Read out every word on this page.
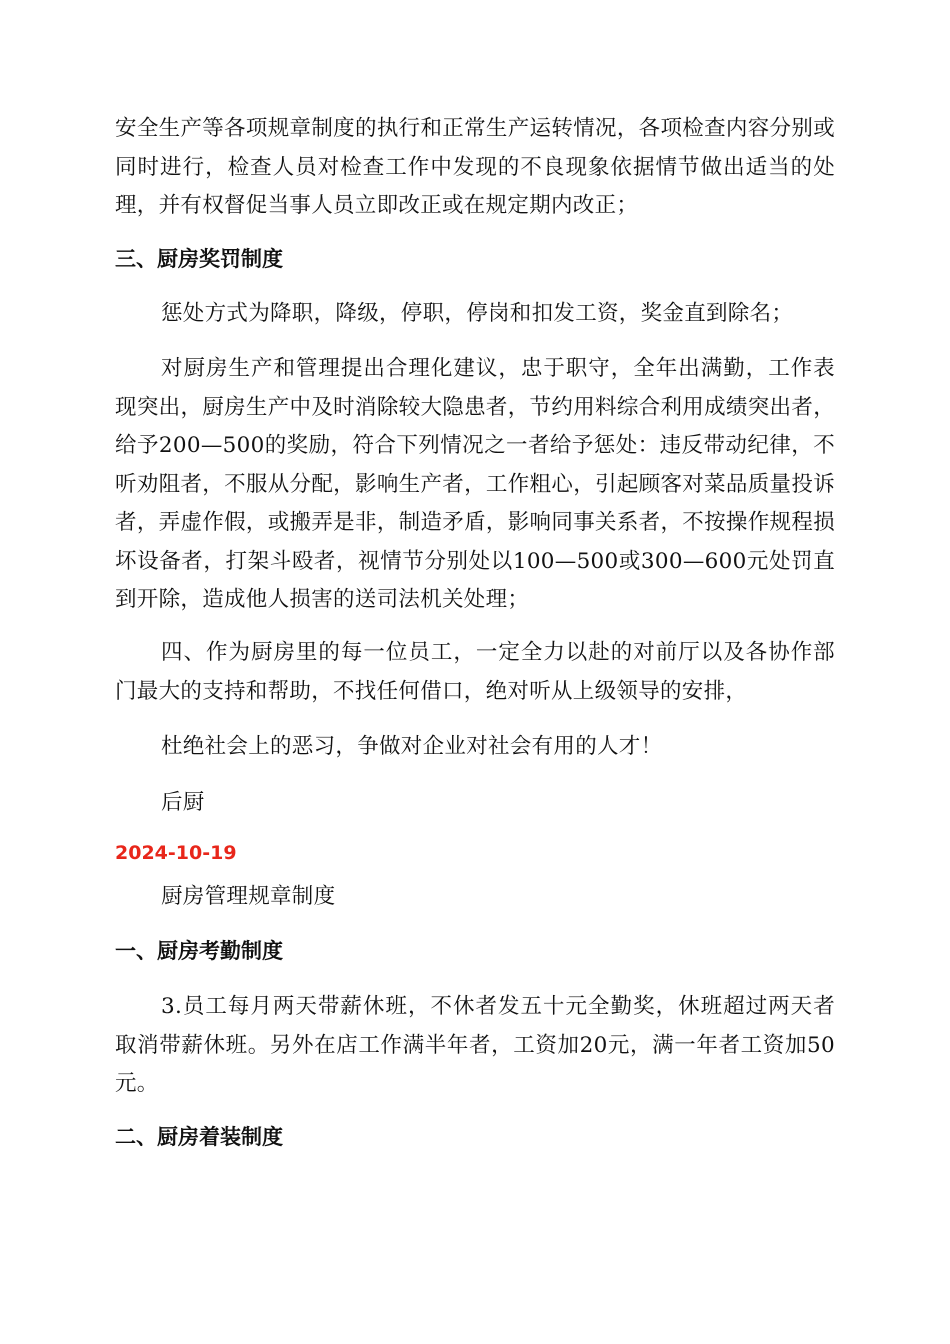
安全生产等各项规章制度的执行和正常生产运转情况，各项检查内容分别或同时进行，检查人员对检查工作中发现的不良现象依据情节做出适当的处理，并有权督促当事人员立即改正或在规定期内改正；

三、厨房奖罚制度

惩处方式为降职，降级，停职，停岗和扣发工资，奖金直到除名；

对厨房生产和管理提出合理化建议，忠于职守，全年出满勤，工作表现突出，厨房生产中及时消除较大隐患者，节约用料综合利用成绩突出者，给予200—500的奖励，符合下列情况之一者给予惩处：违反带动纪律，不听劝阻者，不服从分配，影响生产者，工作粗心，引起顾客对菜品质量投诉者，弄虚作假，或搬弄是非，制造矛盾，影响同事关系者，不按操作规程损坏设备者，打架斗殴者，视情节分别处以100—500或300—600元处罚直到开除，造成他人损害的送司法机关处理；

四、作为厨房里的每一位员工，一定全力以赴的对前厅以及各协作部门最大的支持和帮助，不找任何借口，绝对听从上级领导的安排，

杜绝社会上的恶习，争做对企业对社会有用的人才！

后厨

2024-10-19

厨房管理规章制度

一、厨房考勤制度

3.员工每月两天带薪休班，不休者发五十元全勤奖，休班超过两天者取消带薪休班。另外在店工作满半年者，工资加20元，满一年者工资加50元。

二、厨房着装制度
